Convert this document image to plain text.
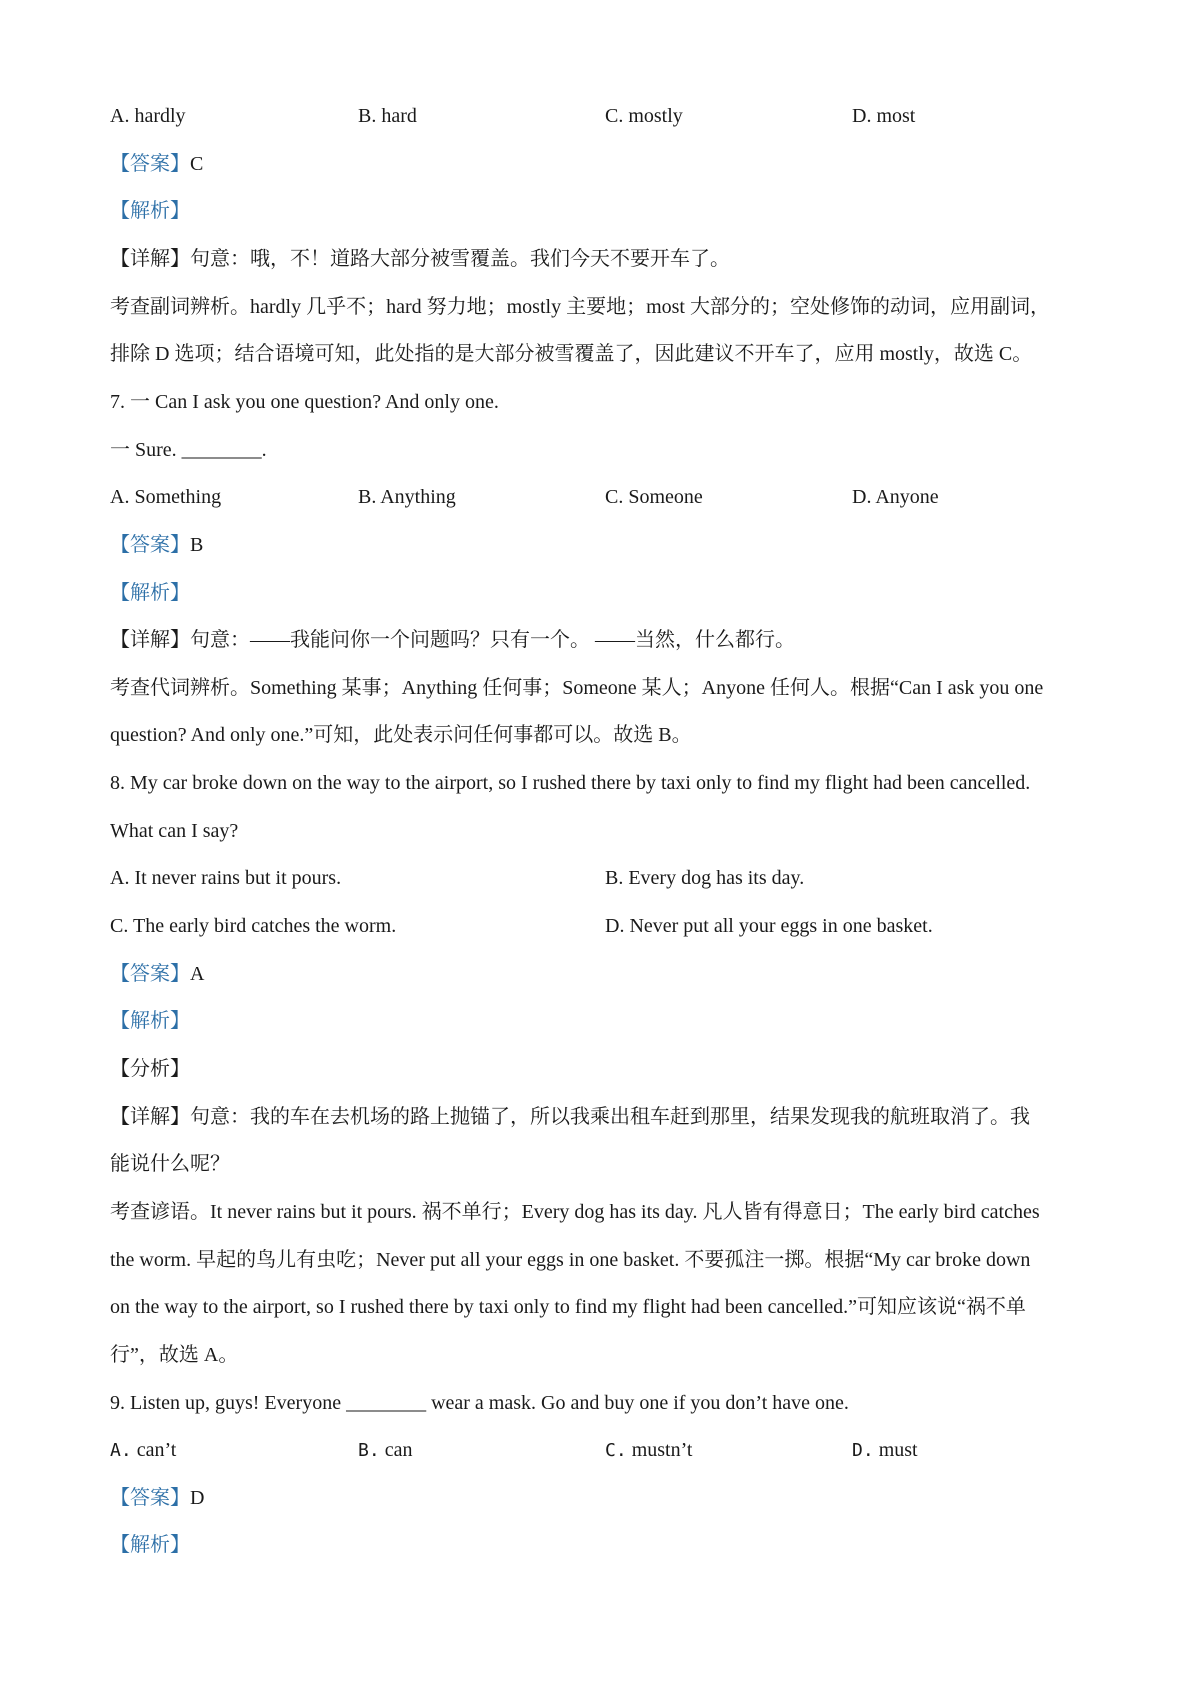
A. hardly	B. hard	C. mostly	D. most
【答案】C
【解析】
【详解】句意：哦，不！道路大部分被雪覆盖。我们今天不要开车了。
考查副词辨析。hardly 几乎不；hard 努力地；mostly 主要地；most 大部分的；空处修饰的动词，应用副词，
排除 D 选项；结合语境可知，此处指的是大部分被雪覆盖了，因此建议不开车了，应用 mostly，故选 C。
7. 一 Can I ask you one question? And only one.
一 Sure. ________.
A. Something	B. Anything	C. Someone	D. Anyone
【答案】B
【解析】
【详解】句意：——我能问你一个问题吗？只有一个。 ——当然，什么都行。
考查代词辨析。Something 某事；Anything 任何事；Someone 某人；Anyone 任何人。根据“Can I ask you one
question? And only one.”可知，此处表示问任何事都可以。故选 B。
8. My car broke down on the way to the airport, so I rushed there by taxi only to find my flight had been cancelled.
What can I say?
A. It never rains but it pours.	B. Every dog has its day.
C. The early bird catches the worm.	D. Never put all your eggs in one basket.
【答案】A
【解析】
【分析】
【详解】句意：我的车在去机场的路上抛锚了，所以我乘出租车赶到那里，结果发现我的航班取消了。我
能说什么呢？
考查谚语。It never rains but it pours. 祸不单行；Every dog has its day. 凡人皆有得意日；The early bird catches
the worm. 早起的鸟儿有虫吃；Never put all your eggs in one basket. 不要孤注一掷。根据“My car broke down
on the way to the airport, so I rushed there by taxi only to find my flight had been cancelled.”可知应该说“祸不单
行”，故选 A。
9. Listen up, guys! Everyone ________ wear a mask. Go and buy one if you don’t have one.
A. can’t	B. can	C. mustn’t	D. must
【答案】D
【解析】
